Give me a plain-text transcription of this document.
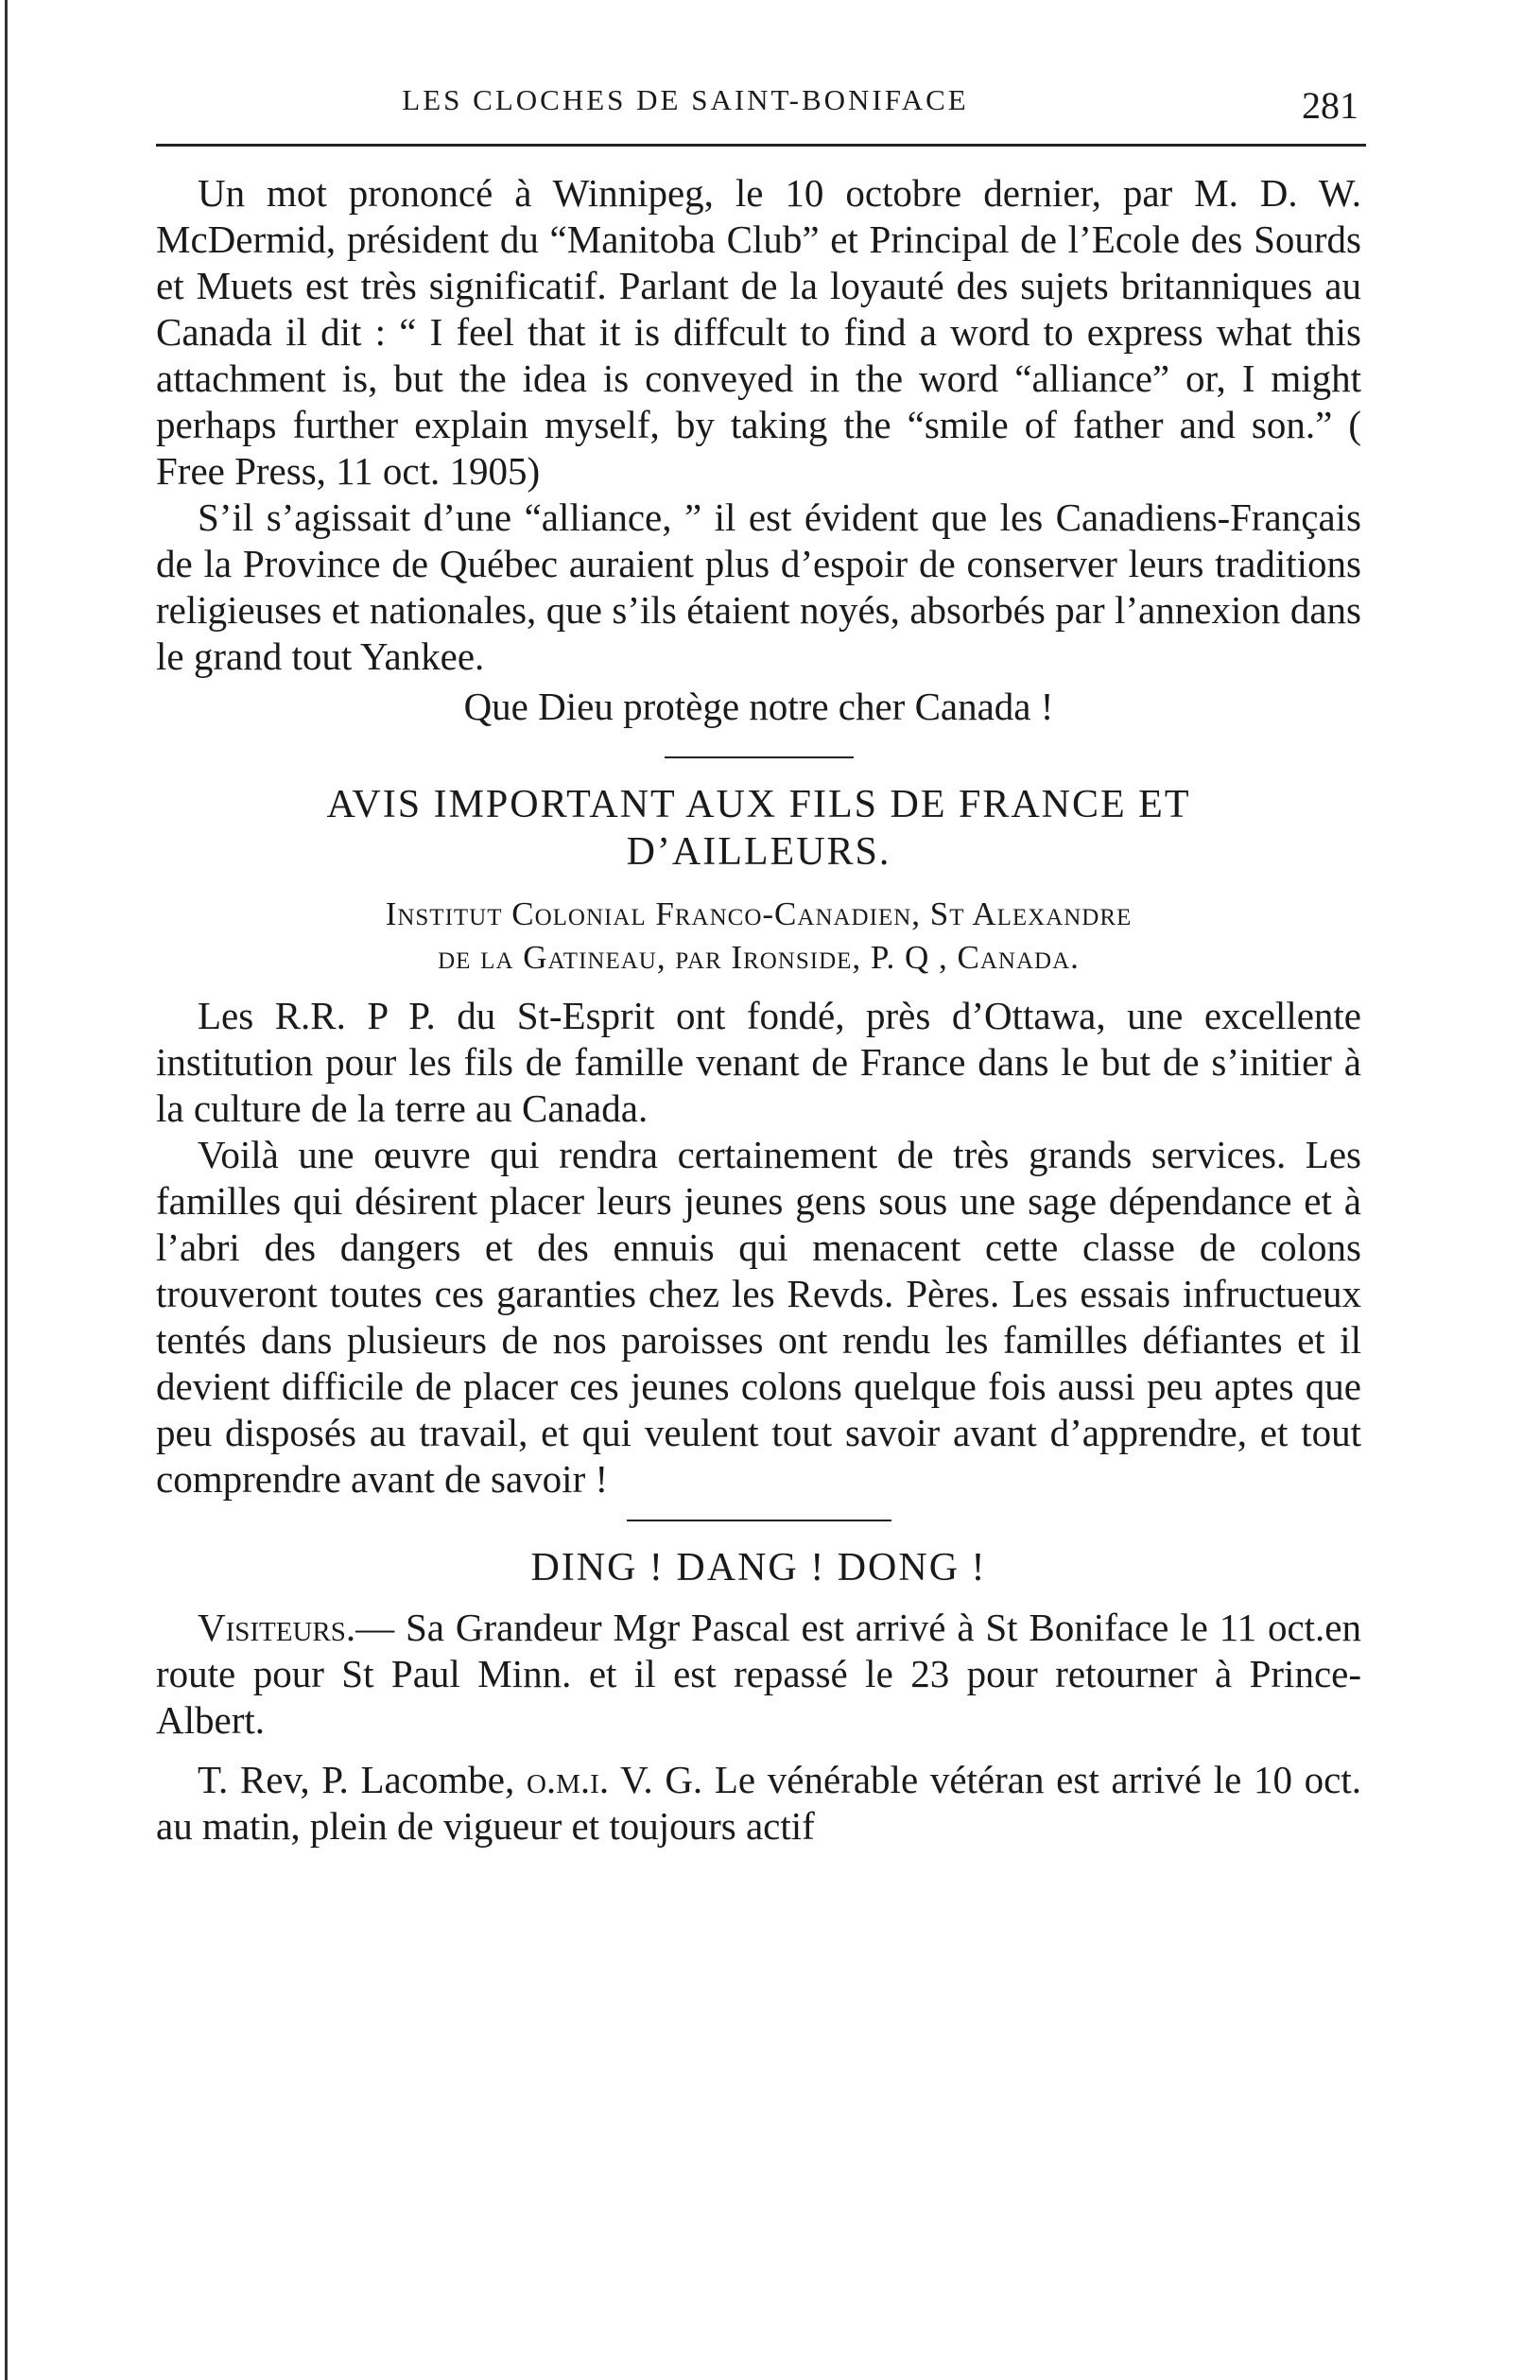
LES CLOCHES DE SAINT-BONIFACE	281

Un mot prononcé à Winnipeg, le 10 octobre dernier, par M. D. W. McDermid, président du “Manitoba Club” et Principal de l’Ecole des Sourds et Muets est très significatif. Parlant de la loyauté des sujets britanniques au Canada il dit : “ I feel that it is diffcult to find a word to express what this attachment is, but the idea is conveyed in the word “alliance” or, I might perhaps further explain myself, by taking the “smile of father and son.” ( Free Press, 11 oct. 1905)

S’il s’agissait d’une “alliance, ” il est évident que les Canadiens-Français de la Province de Québec auraient plus d’espoir de conserver leurs traditions religieuses et nationales, que s’ils étaient noyés, absorbés par l’annexion dans le grand tout Yankee.

Que Dieu protège notre cher Canada !

AVIS IMPORTANT AUX FILS DE FRANCE ET
D’AILLEURS.
Institut Colonial Franco-Canadien, St Alexandre
de la Gatineau, par Ironside, P. Q , Canada.

Les R.R. P P. du St-Esprit ont fondé, près d’Ottawa, une excellente institution pour les fils de famille venant de France dans le but de s’initier à la culture de la terre au Canada.

Voilà une œuvre qui rendra certainement de très grands services. Les familles qui désirent placer leurs jeunes gens sous une sage dépendance et à l’abri des dangers et des ennuis qui menacent cette classe de colons trouveront toutes ces garanties chez les Revds. Pères. Les essais infructueux tentés dans plusieurs de nos paroisses ont rendu les familles défiantes et il devient difficile de placer ces jeunes colons quelque fois aussi peu aptes que peu disposés au travail, et qui veulent tout savoir avant d’apprendre, et tout comprendre avant de savoir !

DING ! DANG ! DONG !

Visiteurs.— Sa Grandeur Mgr Pascal est arrivé à St Boniface le 11 oct.en route pour St Paul Minn. et il est repassé le 23 pour retourner à Prince-Albert.

T. Rev, P. Lacombe, o.m.i. V. G. Le vénérable vétéran est arrivé le 10 oct. au matin, plein de vigueur et toujours actif
